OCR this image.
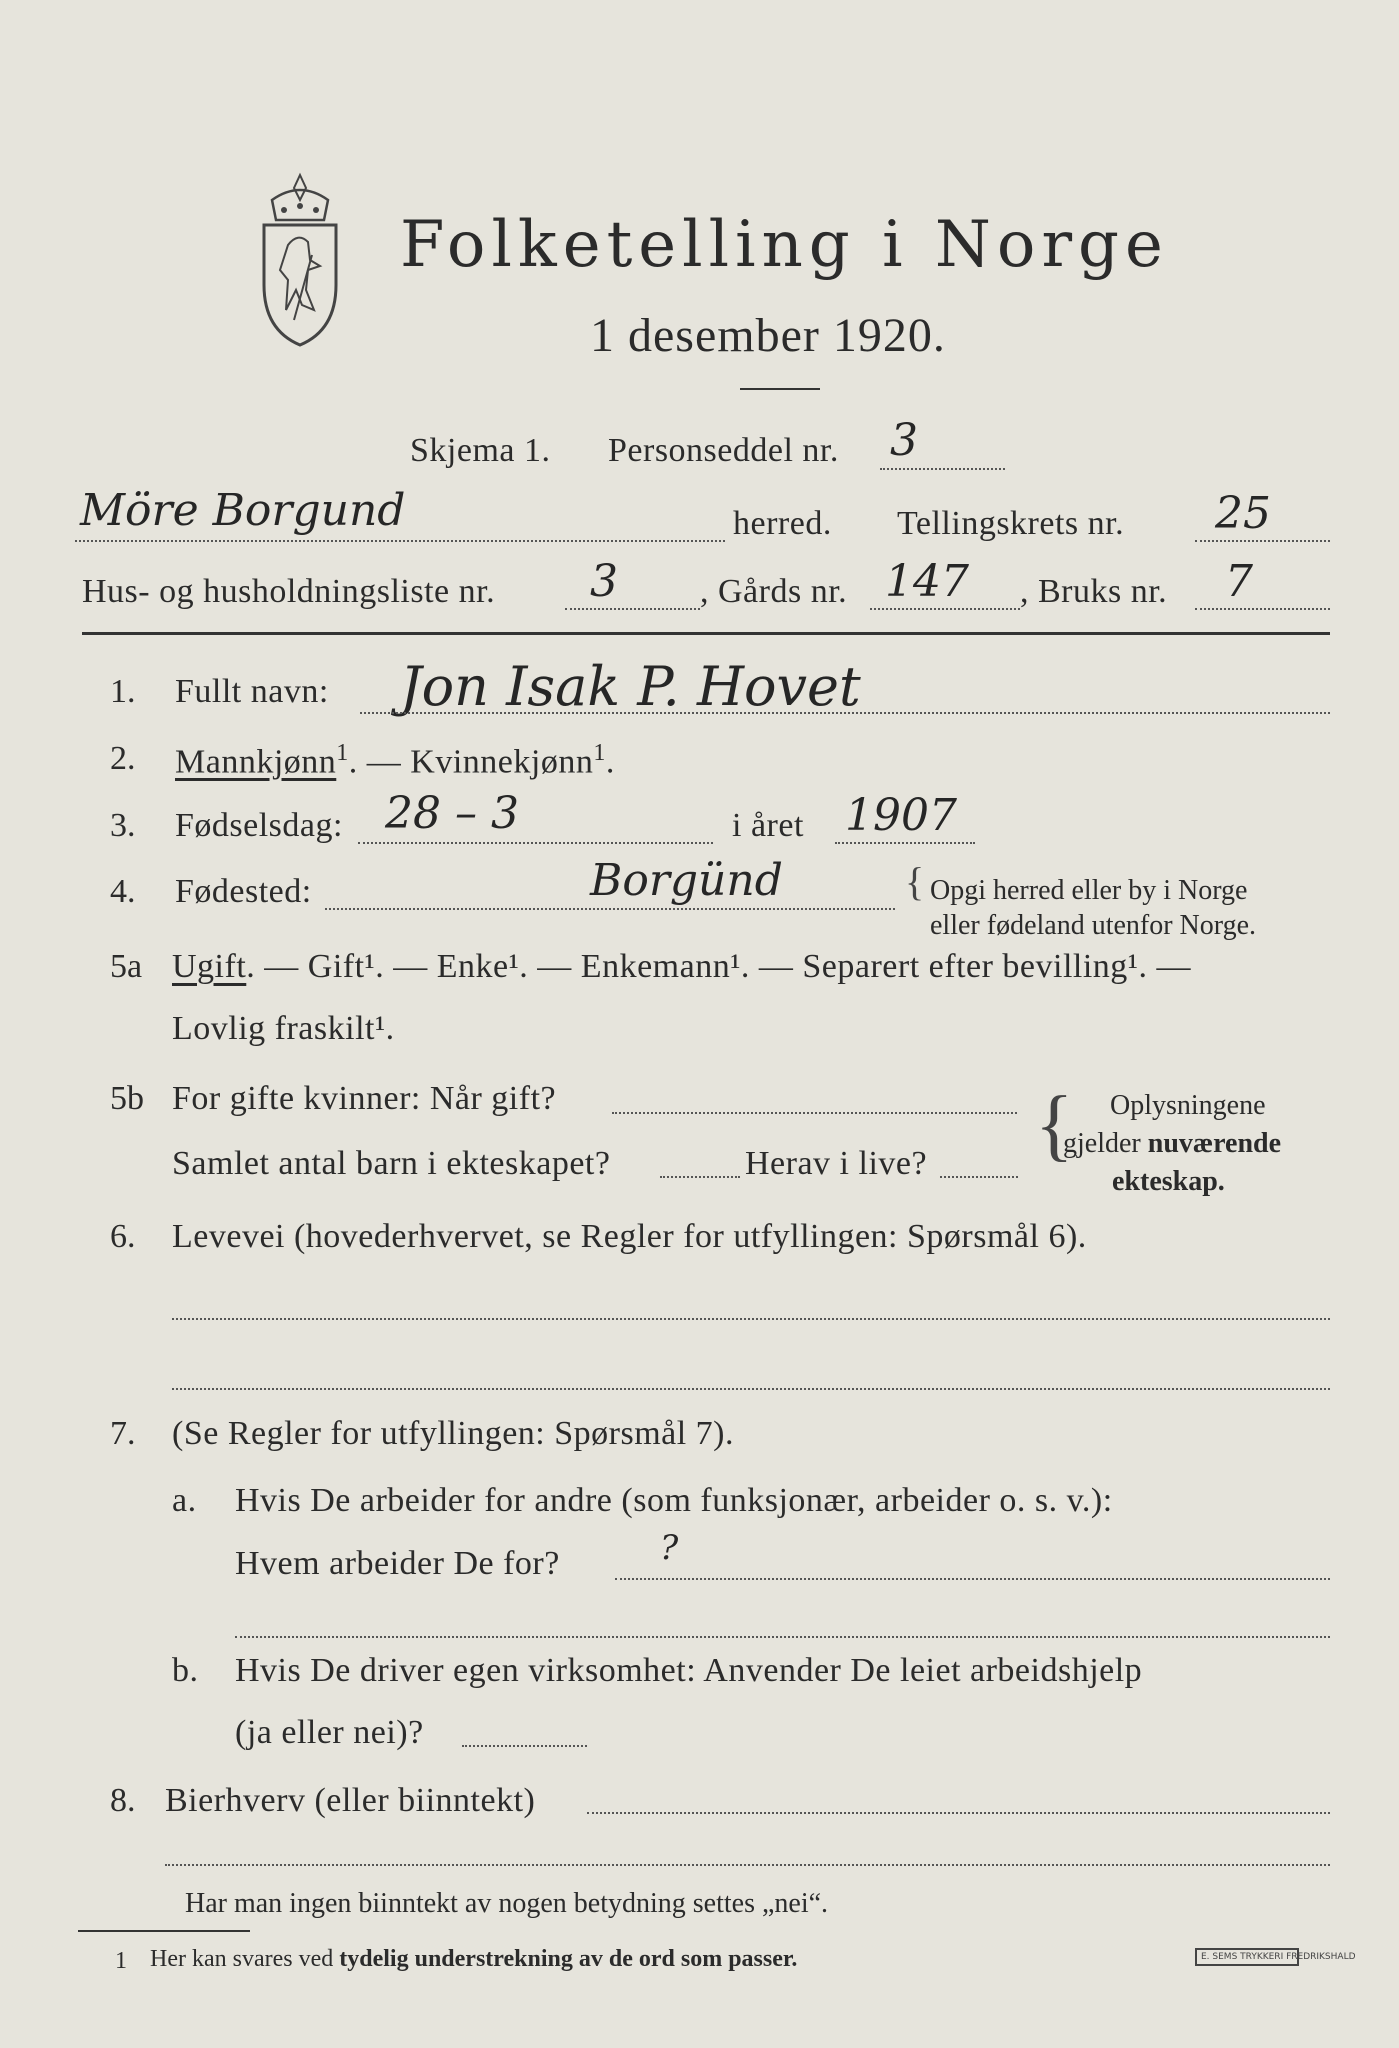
Folketelling i Norge
1 desember 1920.
Skjema 1. Personseddel nr. 3
Möre Borgund	herred. Tellingskrets nr. 25
Hus- og husholdningsliste nr. 3 , Gårds nr. 147 , Bruks nr. 7
1. Fullt navn: Jon Isak P. Hovet
2. Mannkjønn$^1$. — Kvinnekjønn$^1$.
3. Fødselsdag: 28 – 3	i året 1907
4. Fødested:	Borgünd	{ Opgi herred eller by i Norge
eller fødeland utenfor Norge.
5a Ugift. — Gift¹. — Enke¹. — Enkemann¹. — Separert efter bevilling¹. —
Lovlig fraskilt¹.
5b For gifte kvinner: Når gift?
Samlet antal barn i ekteskapet?	Herav i live? { Oplysningene
gjelder nuværende
ekteskap.
6. Levevei (hovederhvervet, se Regler for utfyllingen: Spørsmål 6).
7. (Se Regler for utfyllingen: Spørsmål 7).
a. Hvis De arbeider for andre (som funksjonær, arbeider o. s. v.):
Hvem arbeider De for?	?
b. Hvis De driver egen virksomhet: Anvender De leiet arbeidshjelp
(ja eller nei)?
8. Bierhverv (eller biinntekt)
Har man ingen biinntekt av nogen betydning settes „nei“.
1 Her kan svares ved tydelig understrekning av de ord som passer.	E. SEMS TRYKKERI FREDRIKSHALD
